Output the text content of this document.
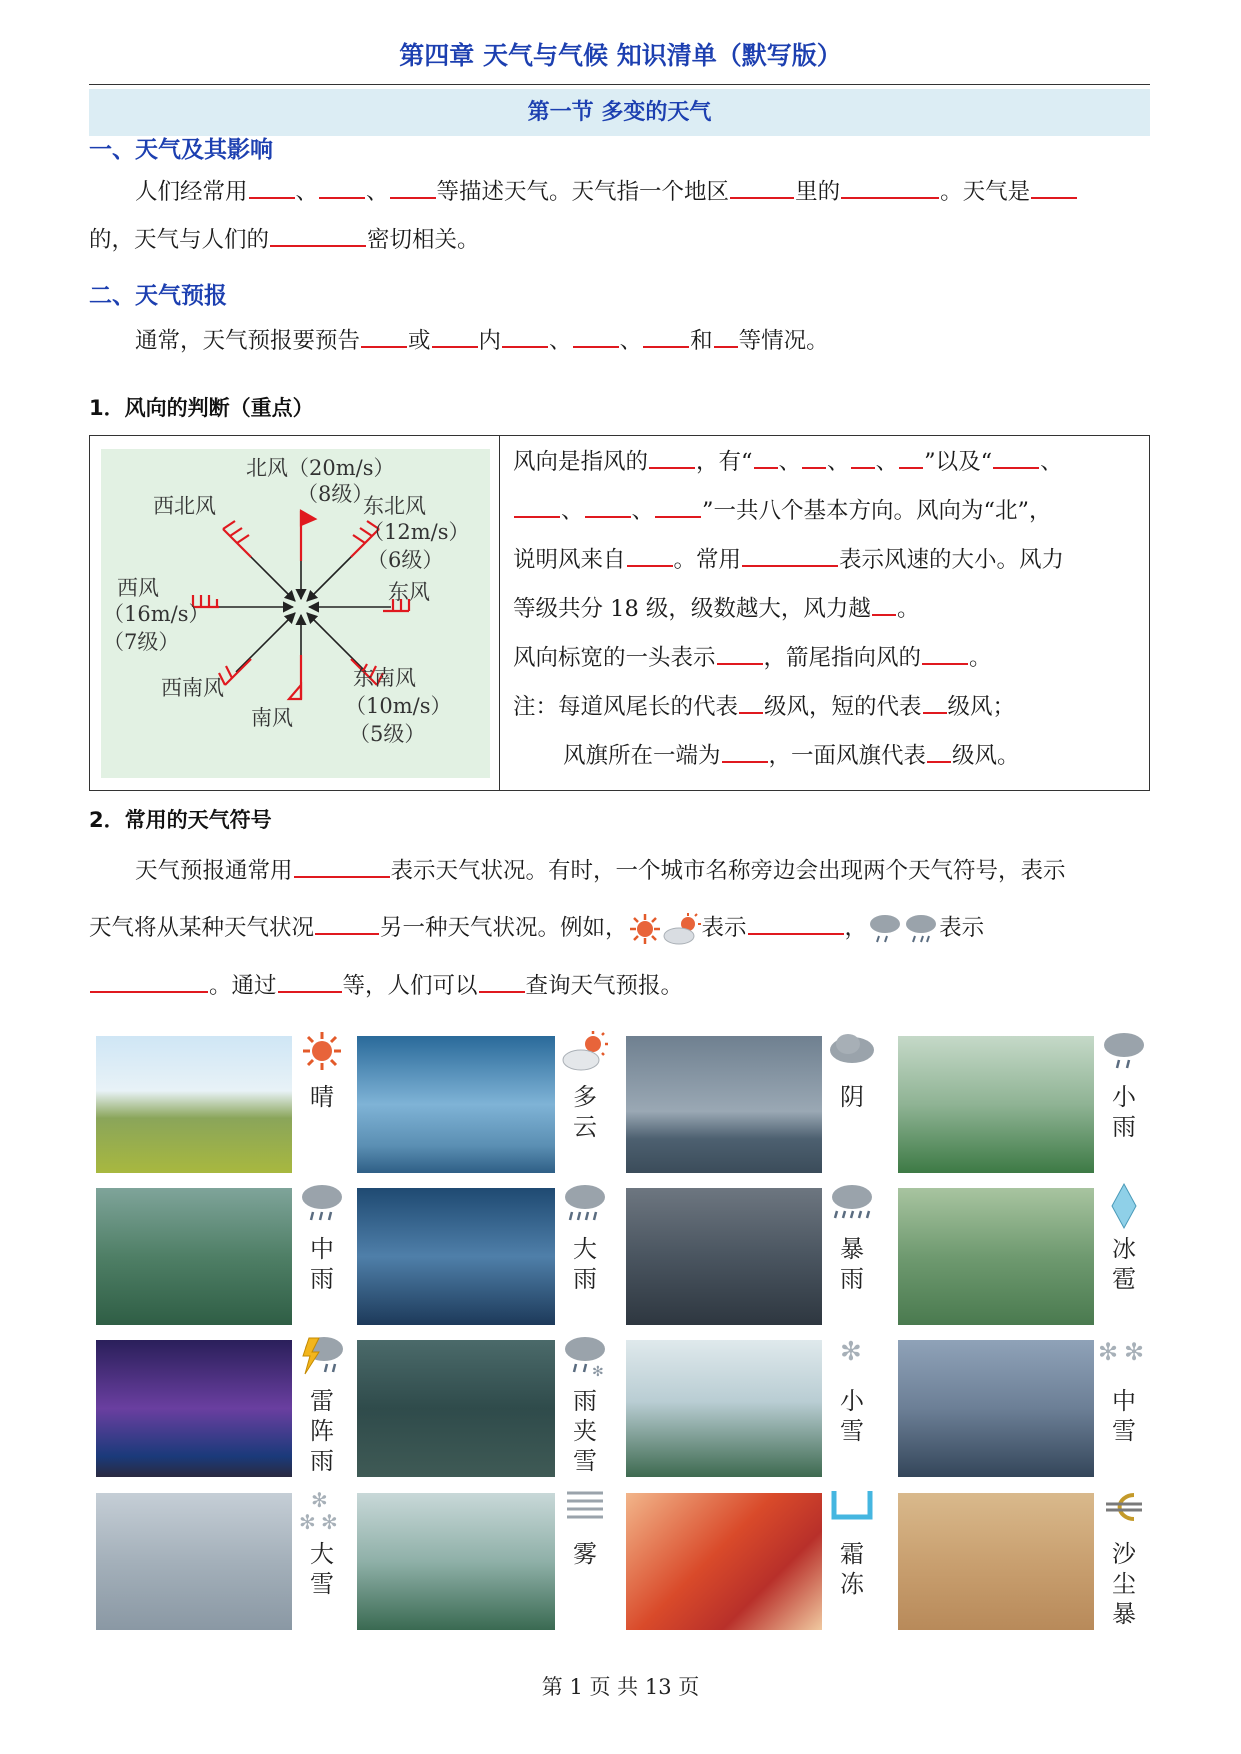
第四章 天气与气候 知识清单（默写版）
第一节 多变的天气
一、天气及其影响
人们经常用 、 、 等描述天气。天气指一个地区	里的	。天气是
的，天气与人们的	密切相关。
二、天气预报
通常，天气预报要预告 或 内 、 、 和 等情况。
1．风向的判断（重点）
北风（20m/s）
（8级）
西北风	东北风
（12m/s）
（6级）
西风
（16m/s）
（7级）
东风
西南风
南风
东南风
（10m/s）
（5级）
风向是指风的 ，有“ 、 、 、 ”以及“ 、
、 、 ”一共八个基本方向。风向为“北”，
说明风来自 。常用	表示风速的大小。风力
等级共分 18 级，级数越大，风力越 。
风向标宽的一头表示 ，箭尾指向风的 。
注：每道风尾长的代表 级风，短的代表 级风；
风旗所在一端为 ，一面风旗代表 级风。
2．常用的天气符号
天气预报通常用	表示天气状况。有时，一个城市名称旁边会出现两个天气符号，表示
天气将从某种天气状况	另一种天气状况。例如，	表示	，	表示
。通过	等，人们可以 查询天气预报。
晴	多云
阴	小雨
中雨
大雨
暴雨
冰雹
雷阵雨
✻
雨夹雪
✻
小雪
✻ ✻
中雪
✻
✻ ✻
大雪
雾	霜冻
沙尘暴
第 1 页 共 13 页
